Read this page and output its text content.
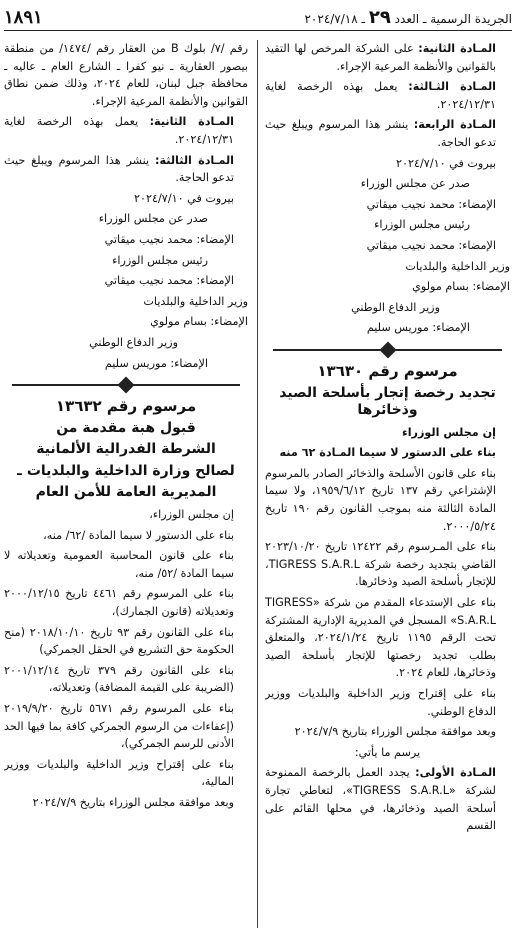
١٨٩١	الجريدة الرسمية ـ العدد ٢٩ ـ ٢٠٢٤/٧/١٨

المـادة الثانية: على الشركة المرخص لها التقيد بالقوانين والأنظمة المرعية الإجراء.

المـادة الثـالثة: يعمل بهذه الرخصة لغاية ٢٠٢٤/١٢/٣١.

المـادة الرابعة: ينشر هذا المرسوم ويبلغ حيث تدعو الحاجة.

بيروت في ٢٠٢٤/٧/١٠

صدر عن مجلس الوزراء

الإمضاء: محمد نجيب ميقاتي

رئيس مجلس الوزراء

الإمضاء: محمد نجيب ميقاتي

وزير الداخلية والبلديات

الإمضاء: بسام مولوي

وزير الدفاع الوطني

الإمضاء: موريس سليم

مرسوم رقم ١٣٦٣٠

تجديد رخصة إتجار بأسلحة الصيد وذخائرها

إن مجلس الوزراء

بناء على الدستور لا سيما المـادة ٦٢ منه

بناء على قانون الأسلحة والذخائر الصادر بالمرسوم الإشتراعي رقم ١٣٧ تاريخ ١٩٥٩/٦/١٢، ولا سيما المادة الثالثة منه بموجب القانون رقم ١٩٠ تاريخ ٢٠٠٠/٥/٢٤.

بناء على المـرسوم رقم ١٢٤٢٢ تاريخ ٢٠٢٣/١٠/٢٠ القاضي بتجديد رخصة شركة TIGRESS S.A.R.L، للإتجار بأسلحة الصيد وذخائرها.

بناء على الإستدعاء المقدم من شركة «TIGRESS S.A.R.L» المسجل في المديرية الإدارية المشتركة تحت الرقم ١١٩٥ تاريخ ٢٠٢٤/١/٢٤، والمتعلق بطلب تجديد رخصتها للإتجار بأسلحة الصيد وذخائرها، للعام ٢٠٢٤.

بناء على إقتراح وزير الداخلية والبلديات ووزير الدفاع الوطني.

وبعد موافقة مجلس الوزراء بتاريخ ٢٠٢٤/٧/٩

يرسم ما يأتي:

المـادة الأولى: يجدد العمل بالرخصة الممنوحة لشركة «TIGRESS S.A.R.L»، لتعاطي تجارة أسلحة الصيد وذخائرها، في محلها القائم على القسم

رقم /٧/ بلوك B من العقار رقم /١٤٧٤/ من منطقة بيصور العقارية ـ نيو كفرا ـ الشارع العام ـ عاليه ـ محافظة جبل لبنان، للعام ٢٠٢٤، وذلك ضمن نطاق القوانين والأنظمة المرعية الإجراء.

المـادة الثانية: يعمل بهذه الرخصة لغاية ٢٠٢٤/١٢/٣١.

المـادة الثالثة: ينشر هذا المرسوم ويبلغ حيث تدعو الحاجة.

بيروت في ٢٠٢٤/٧/١٠

صدر عن مجلس الوزراء

الإمضاء: محمد نجيب ميقاتي

رئيس مجلس الوزراء

الإمضاء: محمد نجيب ميقاتي

وزير الداخلية والبلديات

الإمضاء: بسام مولوي

وزير الدفاع الوطني

الإمضاء: موريس سليم

مرسوم رقم ١٣٦٣٢

قبول هبة مقدمة من

الشرطة الفدرالية الألمانية

لصالح وزارة الداخلية والبلديات ـ

المديرية العامة للأمن العام

إن مجلس الوزراء،

بناء على الدستور لا سيما المادة /٦٢/ منه،

بناء على قانون المحاسبة العمومية وتعديلاته لا سيما المادة /٥٢/ منه،

بناء على المرسوم رقم ٤٤٦١ تاريخ ٢٠٠٠/١٢/١٥ وتعديلاته (قانون الجمارك)،

بناء على القانون رقم ٩٣ تاريخ ٢٠١٨/١٠/١٠ (منح الحكومة حق التشريع في الحقل الجمركي)

بناء على القانون رقم ٣٧٩ تاريخ ٢٠٠١/١٢/١٤ (الضريبة على القيمة المضافة) وتعديلاته،

بناء على المرسوم رقم ٥٦٧١ تاريخ ٢٠١٩/٩/٢٠ (إعفاءات من الرسوم الجمركي كافة بما فيها الحد الأدنى للرسم الجمركي)،

بناء على إقتراح وزير الداخلية والبلديات ووزير المالية،

وبعد موافقة مجلس الوزراء بتاريخ ٢٠٢٤/٧/٩
